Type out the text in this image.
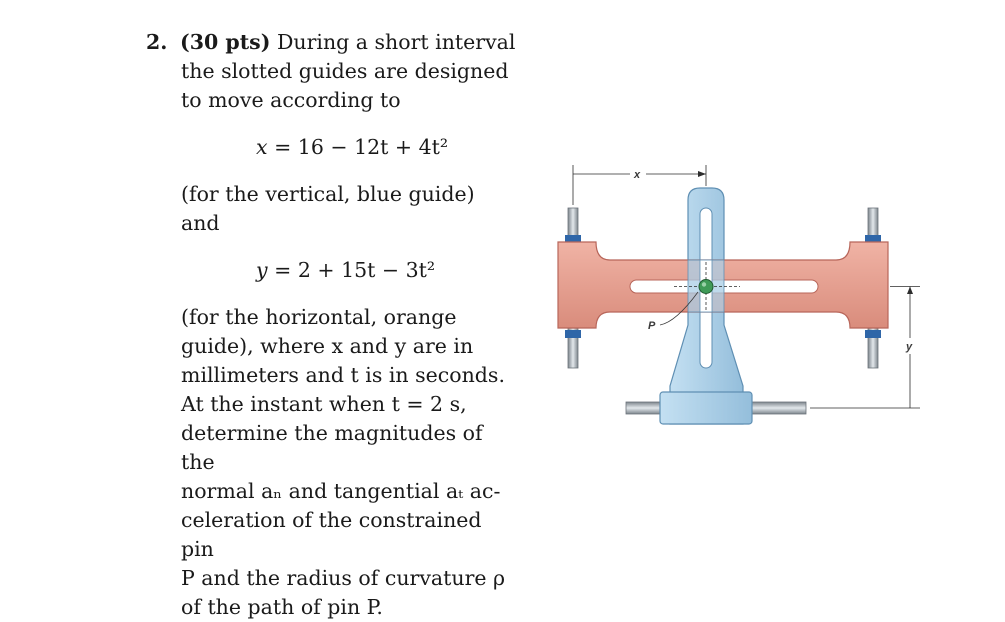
2. (30 pts) During a short interval

the slotted guides are designed

to move according to

x = 16 − 12t + 4t²

(for the vertical, blue guide) and

y = 2 + 15t − 3t²

(for the horizontal, orange

guide), where x and y are in

millimeters and t is in seconds.

At the instant when t = 2 s,

determine the magnitudes of the

normal aₙ and tangential aₜ ac-

celeration of the constrained pin

P and the radius of curvature ρ

of the path of pin P.

P
x
y
